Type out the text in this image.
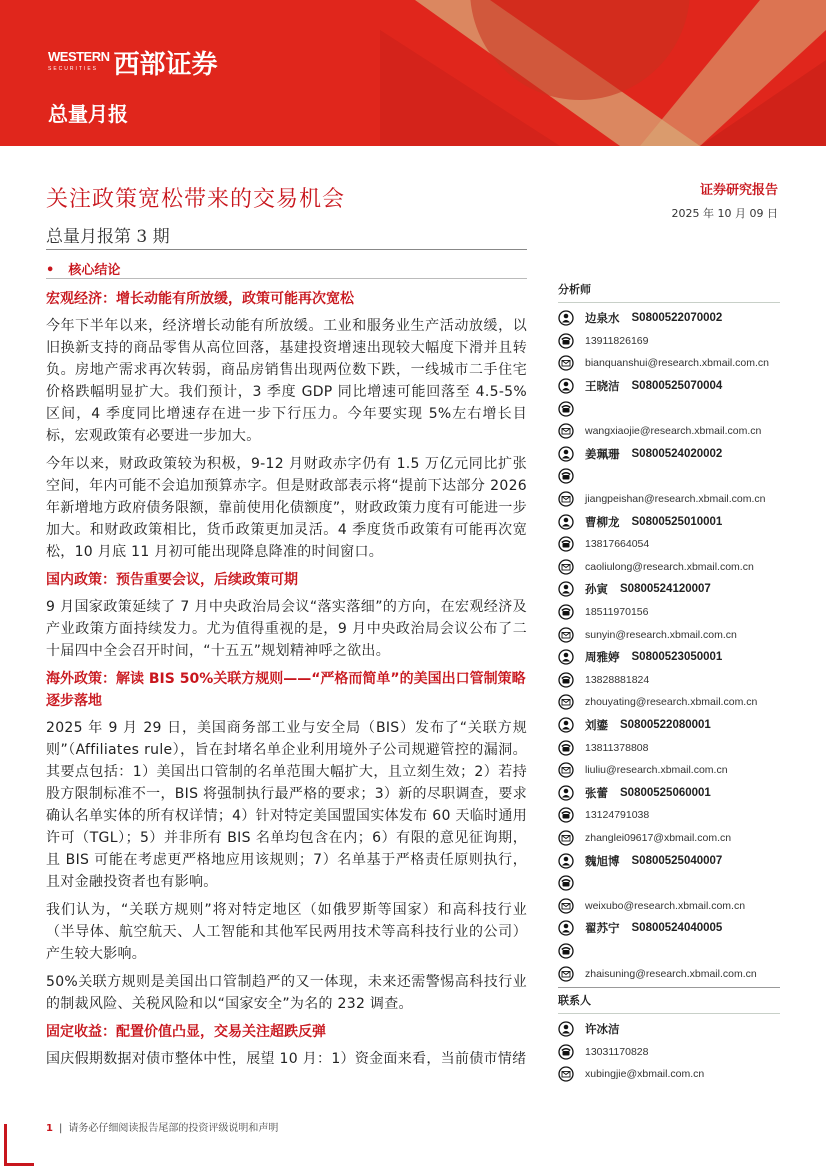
WESTERN
SECURITIES 西部证券
总量月报
关注政策宽松带来的交易机会
总量月报第 3 期
证券研究报告
2025 年 10 月 09 日
• 核心结论
宏观经济：增长动能有所放缓，政策可能再次宽松

今年下半年以来，经济增长动能有所放缓。工业和服务业生产活动放缓，以旧换新支持的商品零售从高位回落，基建投资增速出现较大幅度下滑并且转负。房地产需求再次转弱，商品房销售出现两位数下跌，一线城市二手住宅价格跌幅明显扩大。我们预计，3 季度 GDP 同比增速可能回落至 4.5-5%区间，4 季度同比增速存在进一步下行压力。今年要实现 5%左右增长目标，宏观政策有必要进一步加大。

今年以来，财政政策较为积极，9-12 月财政赤字仍有 1.5 万亿元同比扩张空间，年内可能不会追加预算赤字。但是财政部表示将“提前下达部分 2026 年新增地方政府债务限额，靠前使用化债额度”，财政政策力度有可能进一步加大。和财政政策相比，货币政策更加灵活。4 季度货币政策有可能再次宽松，10 月底 11 月初可能出现降息降准的时间窗口。

国内政策：预告重要会议，后续政策可期

9 月国家政策延续了 7 月中央政治局会议“落实落细”的方向，在宏观经济及产业政策方面持续发力。尤为值得重视的是，9 月中央政治局会议公布了二十届四中全会召开时间，“十五五”规划精神呼之欲出。

海外政策：解读 BIS 50%关联方规则——“严格而简单”的美国出口管制策略逐步落地

2025 年 9 月 29 日，美国商务部工业与安全局（BIS）发布了“关联方规则”（Affiliates rule），旨在封堵名单企业利用境外子公司规避管控的漏洞。其要点包括：1）美国出口管制的名单范围大幅扩大，且立刻生效；2）若持股方限制标准不一，BIS 将强制执行最严格的要求；3）新的尽职调查，要求确认名单实体的所有权详情；4）针对特定美国盟国实体发布 60 天临时通用许可（TGL）；5）并非所有 BIS 名单均包含在内；6）有限的意见征询期，且 BIS 可能在考虑更严格地应用该规则；7）名单基于严格责任原则执行，且对金融投资者也有影响。

我们认为，“关联方规则”将对特定地区（如俄罗斯等国家）和高科技行业（半导体、航空航天、人工智能和其他军民两用技术等高科技行业的公司）产生较大影响。

50%关联方规则是美国出口管制趋严的又一体现，未来还需警惕高科技行业的制裁风险、关税风险和以“国家安全”为名的 232 调查。

固定收益：配置价值凸显，交易关注超跌反弹

国庆假期数据对债市整体中性，展望 10 月：1）资金面来看，当前债市情绪

1 | 请务必仔细阅读报告尾部的投资评级说明和声明
分析师
边泉水 S0800522070002
13911826169
bianquanshui@research.xbmail.com.cn
王晓洁 S0800525070004
wangxiaojie@research.xbmail.com.cn
姜珮珊 S0800524020002
jiangpeishan@research.xbmail.com.cn
曹柳龙 S0800525010001
13817664054
caoliulong@research.xbmail.com.cn
孙寅 S0800524120007
18511970156
sunyin@research.xbmail.com.cn
周雅婷 S0800523050001
13828881824
zhouyating@research.xbmail.com.cn
刘鎏 S0800522080001
13811378808
liuliu@research.xbmail.com.cn
张蕾 S0800525060001
13124791038
zhanglei09617@xbmail.com.cn
魏旭博 S0800525040007
weixubo@research.xbmail.com.cn
翟苏宁 S0800524040005
zhaisuning@research.xbmail.com.cn
联系人
许冰洁
13031170828
xubingjie@xbmail.com.cn
